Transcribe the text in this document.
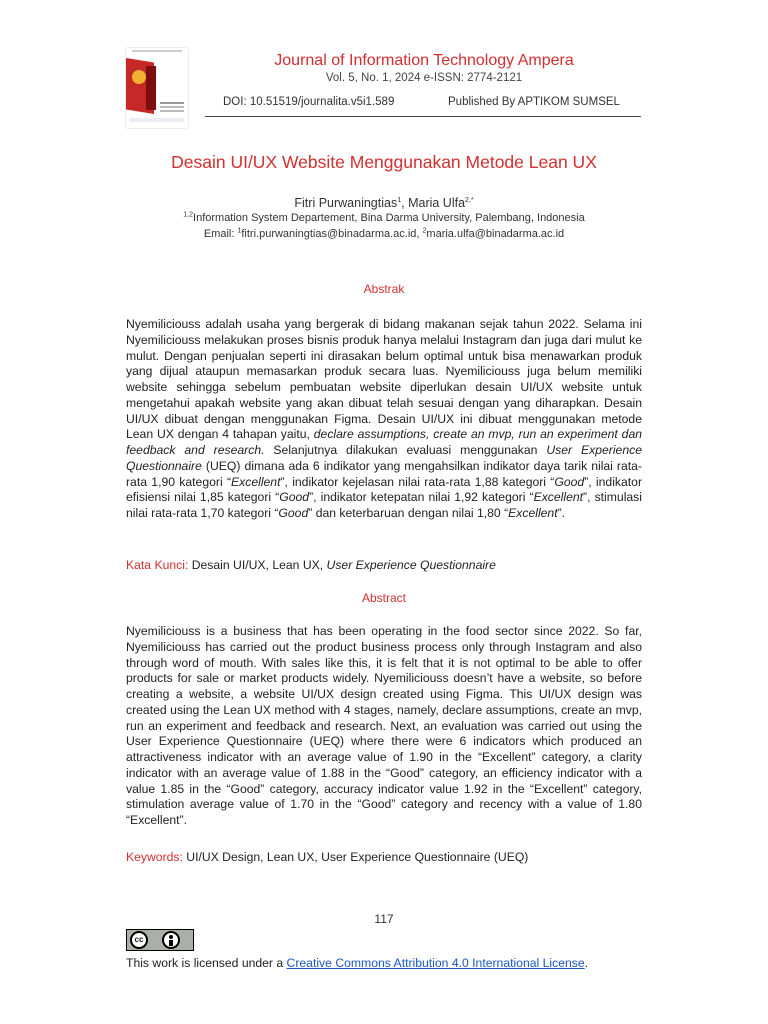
Journal of Information Technology Ampera
Vol. 5, No. 1, 2024 e-ISSN: 2774-2121
DOI: 10.51519/journalita.v5i1.589	Published By APTIKOM SUMSEL
Desain UI/UX Website Menggunakan Metode Lean UX
Fitri Purwaningtias$^1$, Maria Ulfa$^{2,*}$
$^{1,2}$Information System Departement, Bina Darma University, Palembang, Indonesia
Email: $^1$fitri.purwaningtias@binadarma.ac.id, $^2$maria.ulfa@binadarma.ac.id
Abstrak
Nyemiliciouss adalah usaha yang bergerak di bidang makanan sejak tahun 2022. Selama ini Nyemiliciouss melakukan proses bisnis produk hanya melalui Instagram dan juga dari mulut ke mulut. Dengan penjualan seperti ini dirasakan belum optimal untuk bisa menawarkan produk yang dijual ataupun memasarkan produk secara luas. Nyemiliciouss juga belum memiliki website sehingga sebelum pembuatan website diperlukan desain UI/UX website untuk mengetahui apakah website yang akan dibuat telah sesuai dengan yang diharapkan. Desain UI/UX dibuat dengan menggunakan Figma. Desain UI/UX ini dibuat menggunakan metode Lean UX dengan 4 tahapan yaitu, declare assumptions, create an mvp, run an experiment dan feedback and research. Selanjutnya dilakukan evaluasi menggunakan User Experience Questionnaire (UEQ) dimana ada 6 indikator yang mengahsilkan indikator daya tarik nilai rata-rata 1,90 kategori “Excellent”, indikator kejelasan nilai rata-rata 1,88 kategori “Good”, indikator efisiensi nilai 1,85 kategori “Good”, indikator ketepatan nilai 1,92 kategori “Excellent”, stimulasi nilai rata-rata 1,70 kategori “Good” dan keterbaruan dengan nilai 1,80 “Excellent”.
Kata Kunci: Desain UI/UX, Lean UX, User Experience Questionnaire
Abstract
Nyemiliciouss is a business that has been operating in the food sector since 2022. So far, Nyemiliciouss has carried out the product business process only through Instagram and also through word of mouth. With sales like this, it is felt that it is not optimal to be able to offer products for sale or market products widely. Nyemiliciouss doesn’t have a website, so before creating a website, a website UI/UX design created using Figma. This UI/UX design was created using the Lean UX method with 4 stages, namely, declare assumptions, create an mvp, run an experiment and feedback and research. Next, an evaluation was carried out using the User Experience Questionnaire (UEQ) where there were 6 indicators which produced an attractiveness indicator with an average value of 1.90 in the “Excellent” category, a clarity indicator with an average value of 1.88 in the “Good” category, an efficiency indicator with a value 1.85 in the “Good” category, accuracy indicator value 1.92 in the “Excellent” category, stimulation average value of 1.70 in the “Good” category and recency with a value of 1.80 “Excellent”.
Keywords: UI/UX Design, Lean UX, User Experience Questionnaire (UEQ)
117
cc
This work is licensed under a Creative Commons Attribution 4.0 International License.
